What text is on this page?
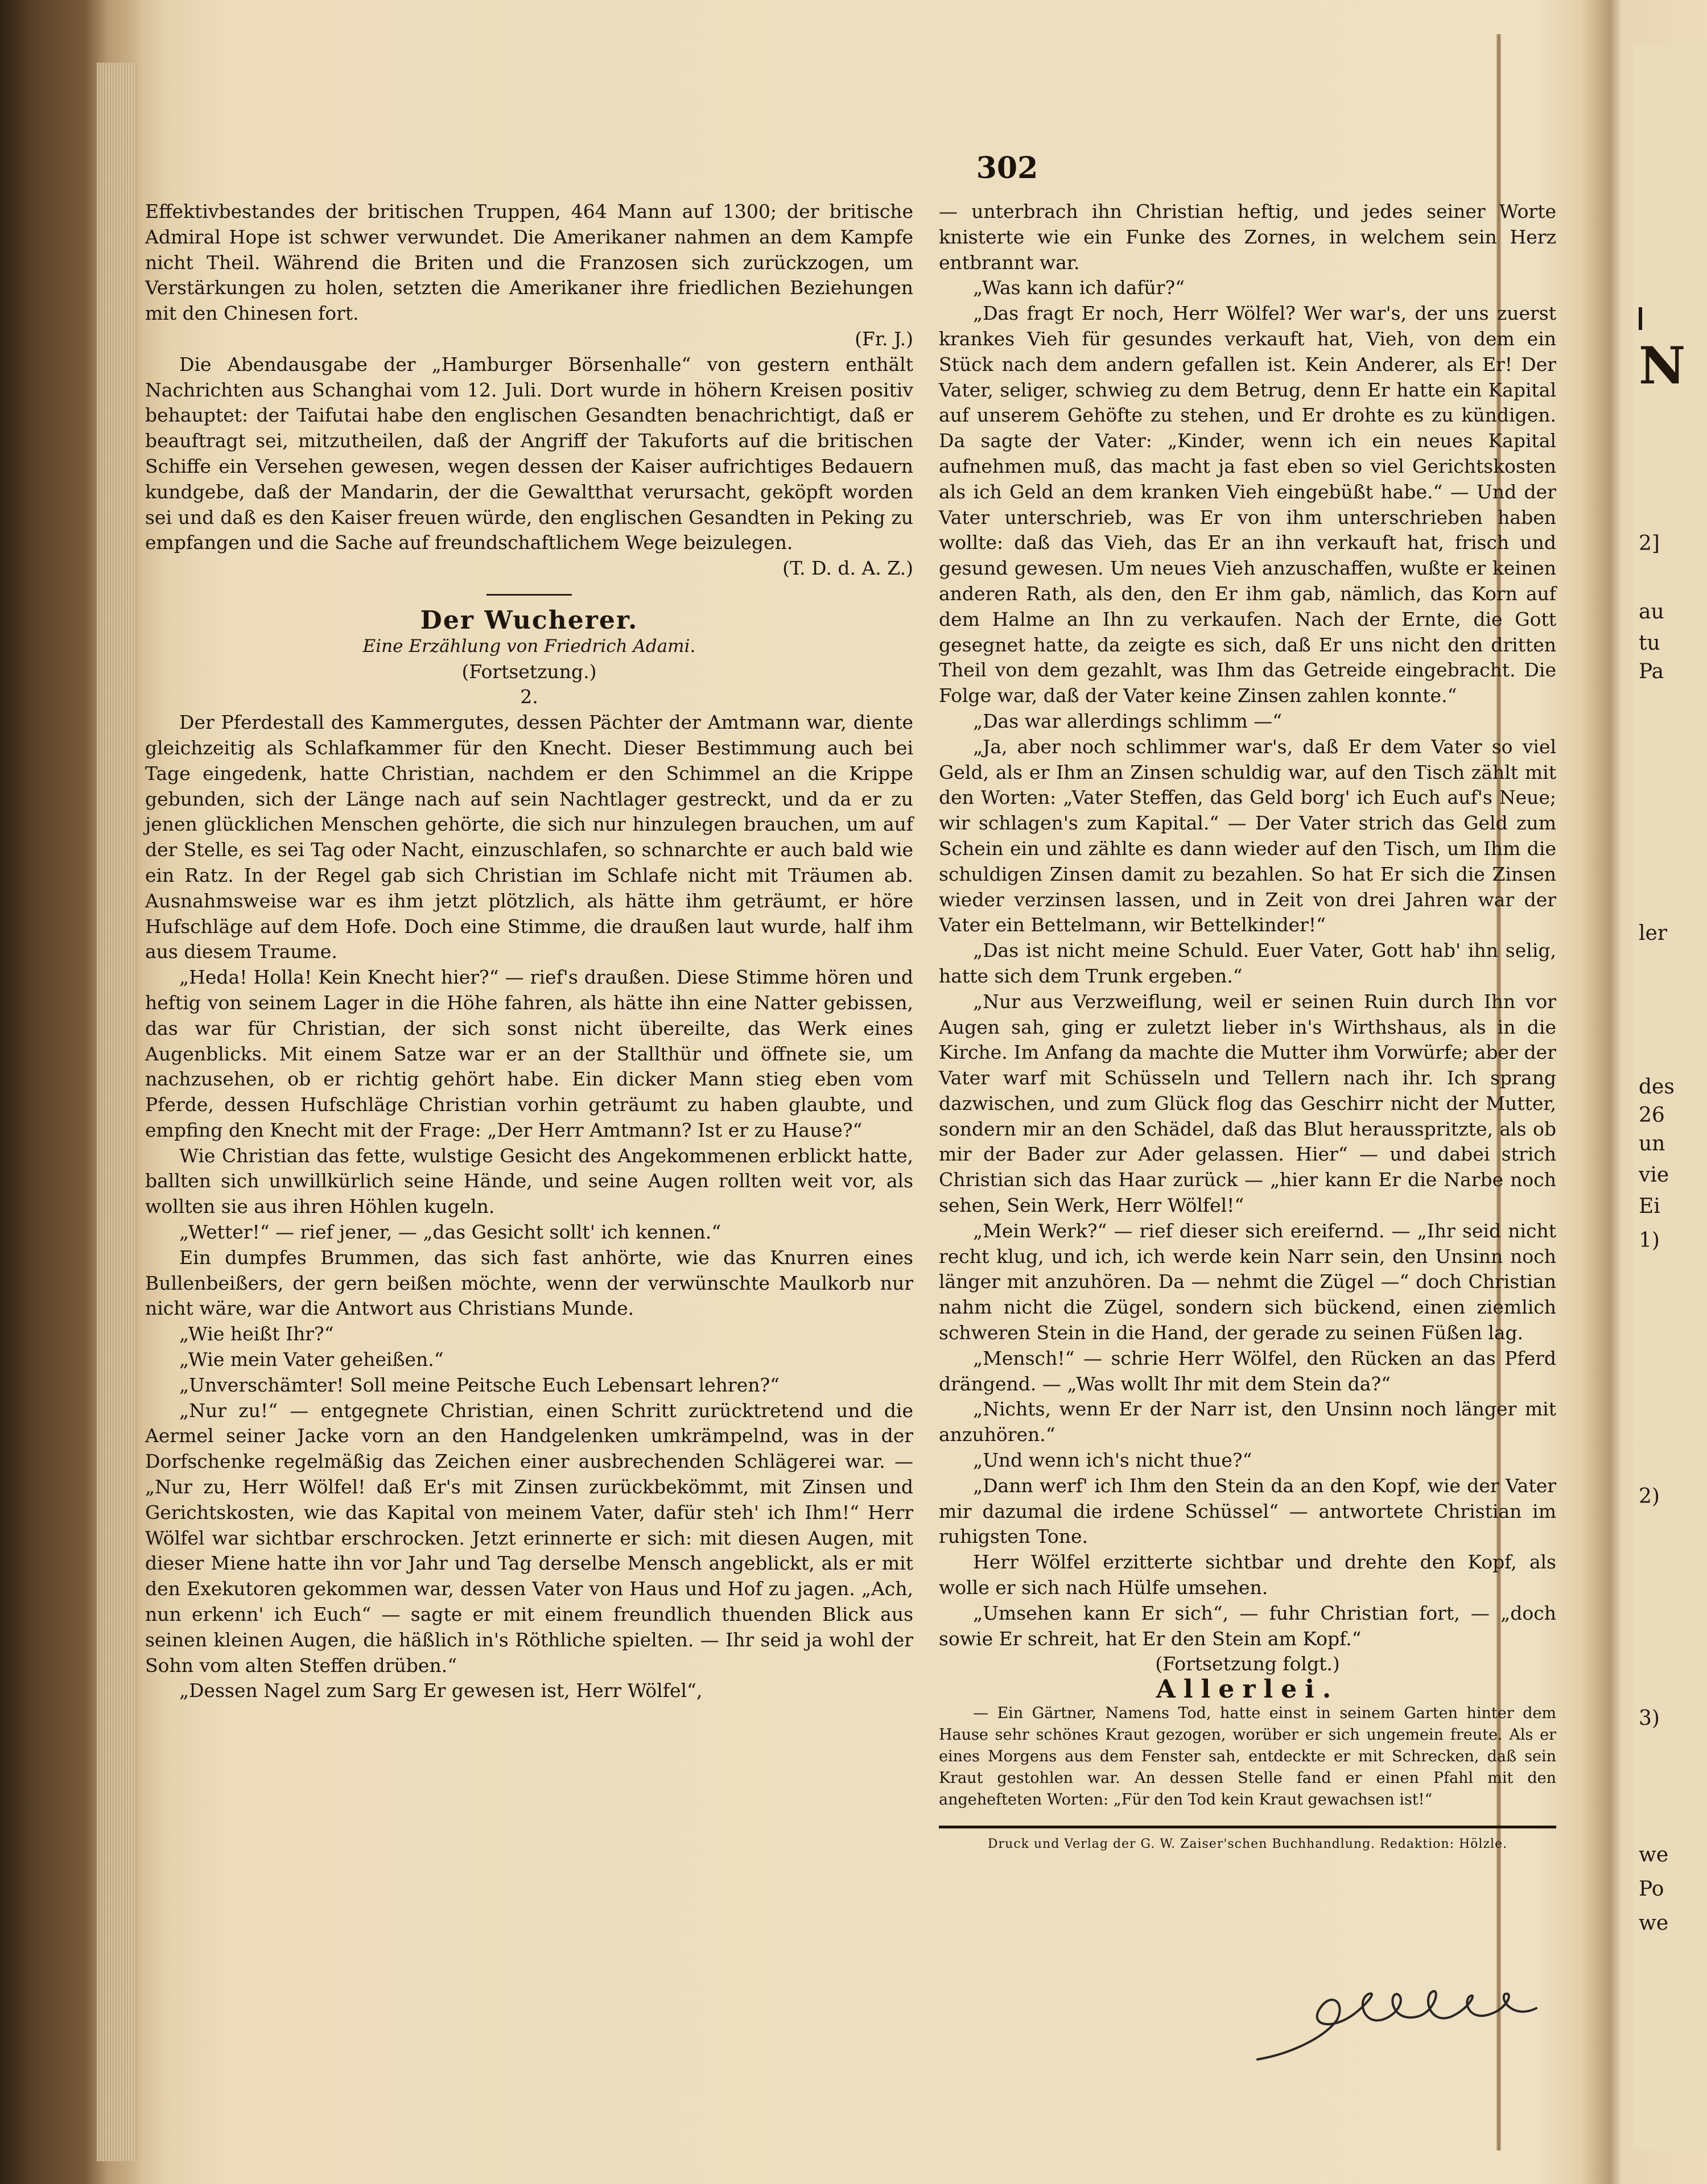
302

Effektivbestandes der britischen Truppen, 464 Mann auf 1300; der britische Admiral Hope ist schwer verwundet. Die Amerikaner nahmen an dem Kampfe nicht Theil. Während die Briten und die Franzosen sich zurückzogen, um Verstärkungen zu holen, setzten die Amerikaner ihre friedlichen Beziehungen mit den Chinesen fort.

(Fr. J.)

Die Abendausgabe der „Hamburger Börsenhalle“ von gestern enthält Nachrichten aus Schanghai vom 12. Juli. Dort wurde in höhern Kreisen positiv behauptet: der Taifutai habe den englischen Gesandten benachrichtigt, daß er beauftragt sei, mitzutheilen, daß der Angriff der Takuforts auf die britischen Schiffe ein Versehen gewesen, wegen dessen der Kaiser aufrichtiges Bedauern kundgebe, daß der Mandarin, der die Gewaltthat verursacht, geköpft worden sei und daß es den Kaiser freuen würde, den englischen Gesandten in Peking zu empfangen und die Sache auf freundschaftlichem Wege beizulegen.

(T. D. d. A. Z.)

Der Wucherer.

Eine Erzählung von Friedrich Adami.

(Fortsetzung.)

2.

Der Pferdestall des Kammergutes, dessen Pächter der Amtmann war, diente gleichzeitig als Schlafkammer für den Knecht. Dieser Bestimmung auch bei Tage eingedenk, hatte Christian, nachdem er den Schimmel an die Krippe gebunden, sich der Länge nach auf sein Nachtlager gestreckt, und da er zu jenen glücklichen Menschen gehörte, die sich nur hinzulegen brauchen, um auf der Stelle, es sei Tag oder Nacht, einzuschlafen, so schnarchte er auch bald wie ein Ratz. In der Regel gab sich Christian im Schlafe nicht mit Träumen ab. Ausnahmsweise war es ihm jetzt plötzlich, als hätte ihm geträumt, er höre Hufschläge auf dem Hofe. Doch eine Stimme, die draußen laut wurde, half ihm aus diesem Traume.

„Heda! Holla! Kein Knecht hier?“ — rief's draußen. Diese Stimme hören und heftig von seinem Lager in die Höhe fahren, als hätte ihn eine Natter gebissen, das war für Christian, der sich sonst nicht übereilte, das Werk eines Augenblicks. Mit einem Satze war er an der Stallthür und öffnete sie, um nachzusehen, ob er richtig gehört habe. Ein dicker Mann stieg eben vom Pferde, dessen Hufschläge Christian vorhin geträumt zu haben glaubte, und empfing den Knecht mit der Frage: „Der Herr Amtmann? Ist er zu Hause?“

Wie Christian das fette, wulstige Gesicht des Angekommenen erblickt hatte, ballten sich unwillkürlich seine Hände, und seine Augen rollten weit vor, als wollten sie aus ihren Höhlen kugeln.

„Wetter!“ — rief jener, — „das Gesicht sollt' ich kennen.“

Ein dumpfes Brummen, das sich fast anhörte, wie das Knurren eines Bullenbeißers, der gern beißen möchte, wenn der verwünschte Maulkorb nur nicht wäre, war die Antwort aus Christians Munde.

„Wie heißt Ihr?“

„Wie mein Vater geheißen.“

„Unverschämter! Soll meine Peitsche Euch Lebensart lehren?“

„Nur zu!“ — entgegnete Christian, einen Schritt zurücktretend und die Aermel seiner Jacke vorn an den Handgelenken umkrämpelnd, was in der Dorfschenke regelmäßig das Zeichen einer ausbrechenden Schlägerei war. — „Nur zu, Herr Wölfel! daß Er's mit Zinsen zurückbekömmt, mit Zinsen und Gerichtskosten, wie das Kapital von meinem Vater, dafür steh' ich Ihm!“ Herr Wölfel war sichtbar erschrocken. Jetzt erinnerte er sich: mit diesen Augen, mit dieser Miene hatte ihn vor Jahr und Tag derselbe Mensch angeblickt, als er mit den Exekutoren gekommen war, dessen Vater von Haus und Hof zu jagen. „Ach, nun erkenn' ich Euch“ — sagte er mit einem freundlich thuenden Blick aus seinen kleinen Augen, die häßlich in's Röthliche spielten. — Ihr seid ja wohl der Sohn vom alten Steffen drüben.“

„Dessen Nagel zum Sarg Er gewesen ist, Herr Wölfel“,

— unterbrach ihn Christian heftig, und jedes seiner Worte knisterte wie ein Funke des Zornes, in welchem sein Herz entbrannt war.

„Was kann ich dafür?“

„Das fragt Er noch, Herr Wölfel? Wer war's, der uns zuerst krankes Vieh für gesundes verkauft hat, Vieh, von dem ein Stück nach dem andern gefallen ist. Kein Anderer, als Er! Der Vater, seliger, schwieg zu dem Betrug, denn Er hatte ein Kapital auf unserem Gehöfte zu stehen, und Er drohte es zu kündigen. Da sagte der Vater: „Kinder, wenn ich ein neues Kapital aufnehmen muß, das macht ja fast eben so viel Gerichtskosten als ich Geld an dem kranken Vieh eingebüßt habe.“ — Und der Vater unterschrieb, was Er von ihm unterschrieben haben wollte: daß das Vieh, das Er an ihn verkauft hat, frisch und gesund gewesen. Um neues Vieh anzuschaffen, wußte er keinen anderen Rath, als den, den Er ihm gab, nämlich, das Korn auf dem Halme an Ihn zu verkaufen. Nach der Ernte, die Gott gesegnet hatte, da zeigte es sich, daß Er uns nicht den dritten Theil von dem gezahlt, was Ihm das Getreide eingebracht. Die Folge war, daß der Vater keine Zinsen zahlen konnte.“

„Das war allerdings schlimm —“

„Ja, aber noch schlimmer war's, daß Er dem Vater so viel Geld, als er Ihm an Zinsen schuldig war, auf den Tisch zählt mit den Worten: „Vater Steffen, das Geld borg' ich Euch auf's Neue; wir schlagen's zum Kapital.“ — Der Vater strich das Geld zum Schein ein und zählte es dann wieder auf den Tisch, um Ihm die schuldigen Zinsen damit zu bezahlen. So hat Er sich die Zinsen wieder verzinsen lassen, und in Zeit von drei Jahren war der Vater ein Bettelmann, wir Bettelkinder!“

„Das ist nicht meine Schuld. Euer Vater, Gott hab' ihn selig, hatte sich dem Trunk ergeben.“

„Nur aus Verzweiflung, weil er seinen Ruin durch Ihn vor Augen sah, ging er zuletzt lieber in's Wirthshaus, als in die Kirche. Im Anfang da machte die Mutter ihm Vorwürfe; aber der Vater warf mit Schüsseln und Tellern nach ihr. Ich sprang dazwischen, und zum Glück flog das Geschirr nicht der Mutter, sondern mir an den Schädel, daß das Blut herausspritzte, als ob mir der Bader zur Ader gelassen. Hier“ — und dabei strich Christian sich das Haar zurück — „hier kann Er die Narbe noch sehen, Sein Werk, Herr Wölfel!“

„Mein Werk?“ — rief dieser sich ereifernd. — „Ihr seid nicht recht klug, und ich, ich werde kein Narr sein, den Unsinn noch länger mit anzuhören. Da — nehmt die Zügel —“ doch Christian nahm nicht die Zügel, sondern sich bückend, einen ziemlich schweren Stein in die Hand, der gerade zu seinen Füßen lag.

„Mensch!“ — schrie Herr Wölfel, den Rücken an das Pferd drängend. — „Was wollt Ihr mit dem Stein da?“

„Nichts, wenn Er der Narr ist, den Unsinn noch länger mit anzuhören.“

„Und wenn ich's nicht thue?“

„Dann werf' ich Ihm den Stein da an den Kopf, wie der Vater mir dazumal die irdene Schüssel“ — antwortete Christian im ruhigsten Tone.

Herr Wölfel erzitterte sichtbar und drehte den Kopf, als wolle er sich nach Hülfe umsehen.

„Umsehen kann Er sich“, — fuhr Christian fort, — „doch sowie Er schreit, hat Er den Stein am Kopf.“

(Fortsetzung folgt.)

Allerlei.

— Ein Gärtner, Namens Tod, hatte einst in seinem Garten hinter dem Hause sehr schönes Kraut gezogen, worüber er sich ungemein freute. Als er eines Morgens aus dem Fenster sah, entdeckte er mit Schrecken, daß sein Kraut gestohlen war. An dessen Stelle fand er einen Pfahl mit den angehefteten Worten: „Für den Tod kein Kraut gewachsen ist!“

Druck und Verlag der G. W. Zaiser'schen Buchhandlung. Redaktion: Hölzle.
N
2]
au
tu
Pa
ler
des
26
un
vie
Ei
1)
2)
3)
we
Po
we
